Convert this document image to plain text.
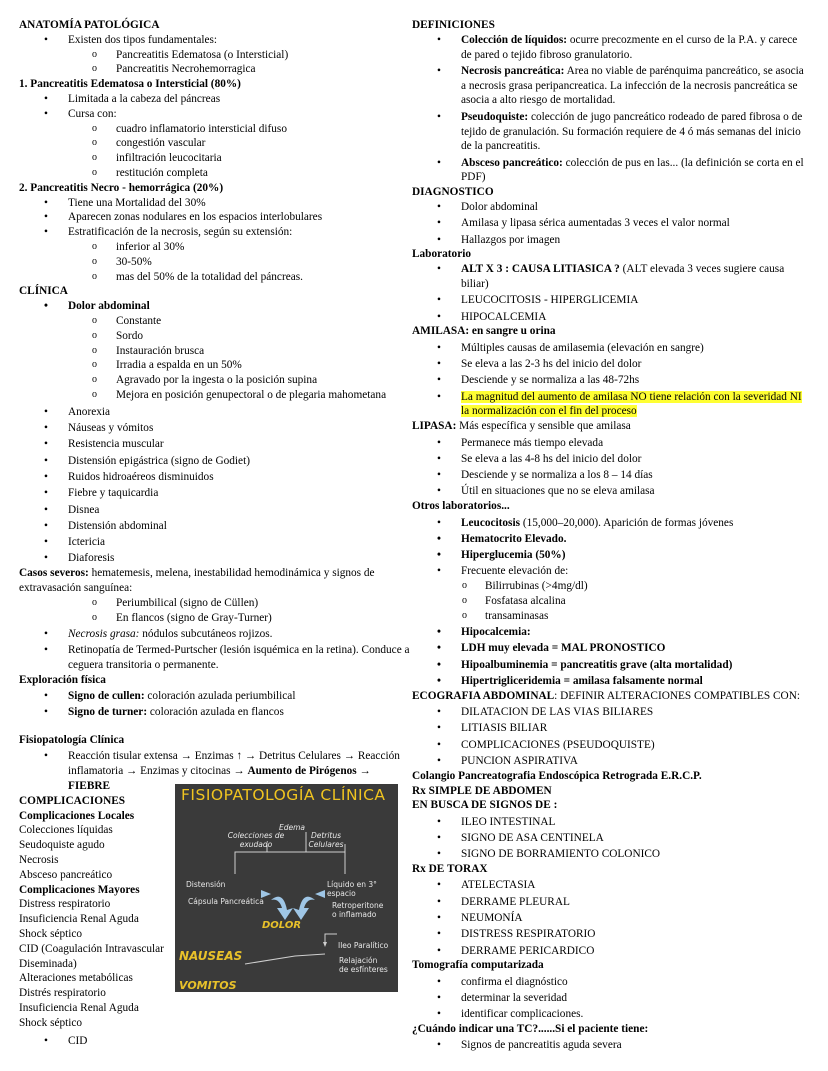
ANATOMÍA PATOLÓGICA
• Existen dos tipos fundamentales:
o Pancreatitis Edematosa (o Intersticial)
o Pancreatitis Necrohemorragica
1. Pancreatitis Edematosa o Intersticial (80%)
• Limitada a la cabeza del páncreas
• Cursa con:
o cuadro inflamatorio intersticial difuso
o congestión vascular
o infiltración leucocitaria
o restitución completa
2. Pancreatitis Necro - hemorrágica (20%)
• Tiene una Mortalidad del 30%
• Aparecen zonas nodulares en los espacios interlobulares
• Estratificación de la necrosis, según su extensión:
o inferior al 30%
o 30-50%
o mas del 50% de la totalidad del páncreas.
CLÍNICA
• Dolor abdominal
o Constante
o Sordo
o Instauración brusca
o Irradia a espalda en un 50%
o Agravado por la ingesta o la posición supina
o Mejora en posición genupectoral o de plegaria mahometana
• Anorexia
• Náuseas y vómitos
• Resistencia muscular
• Distensión epigástrica (signo de Godiet)
• Ruidos hidroaéreos disminuidos
• Fiebre y taquicardia
• Disnea
• Distensión abdominal
• Ictericia
• Diaforesis
Casos severos: hematemesis, melena, inestabilidad hemodinámica y signos de extravasación sanguínea:
o Periumbilical (signo de Cüllen)
o En flancos (signo de Gray-Turner)
• Necrosis grasa: nódulos subcutáneos rojizos.
• Retinopatía de Termed-Purtscher (lesión isquémica en la retina). Conduce a ceguera transitoria o permanente.
Exploración física
• Signo de cullen: coloración azulada periumbilical
• Signo de turner: coloración azulada en flancos
Fisiopatología Clínica
• Reacción tisular extensa → Enzimas ↑ → Detritus Celulares → Reacción inflamatoria → Enzimas y citocinas → Aumento de Pirógenos → FIEBRE
COMPLICACIONES
Complicaciones Locales
Colecciones líquidas
Seudoquiste agudo
Necrosis
Absceso pancreático
Complicaciones Mayores
Distress respiratorio
Insuficiencia Renal Aguda
Shock séptico
CID (Coagulación Intravascular Diseminada)
Alteraciones metabólicas
Distrés respiratorio
Insuficiencia Renal Aguda
Shock séptico
• CID
FISIOPATOLOGÍA CLÍNICA
Edema
Colecciones de exudado
Detritus Celulares
Distensión
Cápsula Pancreática
Líquido en 3° espacio
Retroperitone o inflamado
DOLOR
Ileo Paralítico
Relajación de esfínteres
NAUSEAS
VOMITOS
DEFINICIONES
• Colección de líquidos: ocurre precozmente en el curso de la P.A. y carece de pared o tejido fibroso granulatorio.
• Necrosis pancreática: Area no viable de parénquima pancreático, se asocia a necrosis grasa peripancreatica. La infección de la necrosis pancreática se asocia a alto riesgo de mortalidad.
• Pseudoquiste: colección de jugo pancreático rodeado de pared fibrosa o de tejido de granulación. Su formación requiere de 4 ó más semanas del inicio de la pancreatitis.
• Absceso pancreático: colección de pus en las... (la definición se corta en el PDF)
DIAGNOSTICO
• Dolor abdominal
• Amilasa y lipasa sérica aumentadas 3 veces el valor normal
• Hallazgos por imagen
Laboratorio
• ALT X 3 : CAUSA LITIASICA ? (ALT elevada 3 veces sugiere causa biliar)
• LEUCOCITOSIS - HIPERGLICEMIA
• HIPOCALCEMIA
AMILASA: en sangre u orina
• Múltiples causas de amilasemia (elevación en sangre)
• Se eleva a las 2-3 hs del inicio del dolor
• Desciende y se normaliza a las 48-72hs
• La magnitud del aumento de amilasa NO tiene relación con la severidad NI la normalización con el fin del proceso
LIPASA: Más específica y sensible que amilasa
• Permanece más tiempo elevada
• Se eleva a las 4-8 hs del inicio del dolor
• Desciende y se normaliza a los 8 – 14 días
• Útil en situaciones que no se eleva amilasa
Otros laboratorios...
• Leucocitosis (15,000–20,000). Aparición de formas jóvenes
• Hematocrito Elevado.
• Hiperglucemia (50%)
• Frecuente elevación de:
o Bilirrubinas (>4mg/dl)
o Fosfatasa alcalina
o transaminasas
• Hipocalcemia:
• LDH muy elevada = MAL PRONOSTICO
• Hipoalbuminemia = pancreatitis grave (alta mortalidad)
• Hipertrigliceridemia = amilasa falsamente normal
ECOGRAFIA ABDOMINAL: DEFINIR ALTERACIONES COMPATIBLES CON:
• DILATACION DE LAS VIAS BILIARES
• LITIASIS BILIAR
• COMPLICACIONES (PSEUDOQUISTE)
• PUNCION ASPIRATIVA
Colangio Pancreatografia Endoscópica Retrograda E.R.C.P.
Rx SIMPLE DE ABDOMEN
EN BUSCA DE SIGNOS DE :
• ILEO INTESTINAL
• SIGNO DE ASA CENTINELA
• SIGNO DE BORRAMIENTO COLONICO
Rx DE TORAX
• ATELECTASIA
• DERRAME PLEURAL
• NEUMONÍA
• DISTRESS RESPIRATORIO
• DERRAME PERICARDICO
Tomografía computarizada
• confirma el diagnóstico
• determinar la severidad
• identificar complicaciones.
¿Cuándo indicar una TC?......Si el paciente tiene:
• Signos de pancreatitis aguda severa
